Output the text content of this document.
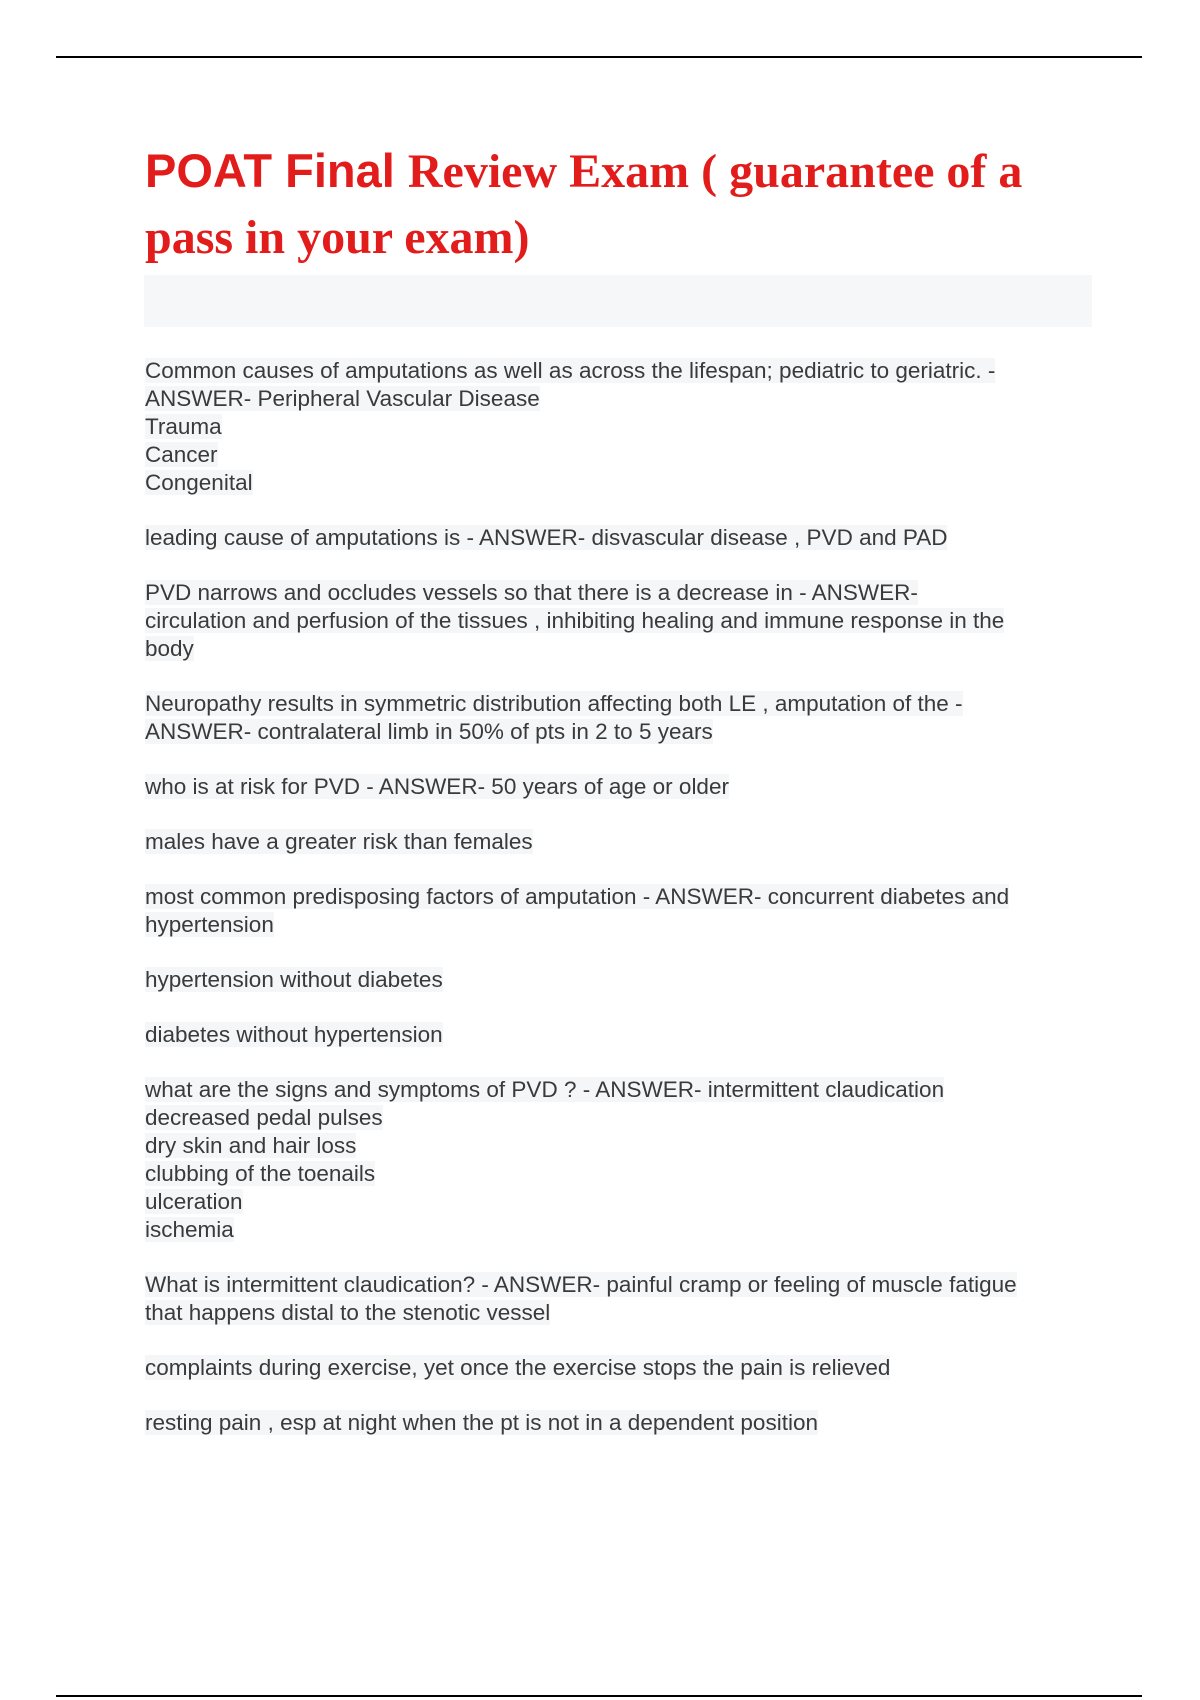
POAT Final Review Exam ( guarantee of a
pass in your exam)

Common causes of amputations as well as across the lifespan; pediatric to geriatric. -
ANSWER- Peripheral Vascular Disease
Trauma
Cancer
Congenital

leading cause of amputations is - ANSWER- disvascular disease , PVD and PAD

PVD narrows and occludes vessels so that there is a decrease in - ANSWER-
circulation and perfusion of the tissues , inhibiting healing and immune response in the
body

Neuropathy results in symmetric distribution affecting both LE , amputation of the -
ANSWER- contralateral limb in 50% of pts in 2 to 5 years

who is at risk for PVD - ANSWER- 50 years of age or older

males have a greater risk than females

most common predisposing factors of amputation - ANSWER- concurrent diabetes and
hypertension

hypertension without diabetes

diabetes without hypertension

what are the signs and symptoms of PVD ? - ANSWER- intermittent claudication
decreased pedal pulses
dry skin and hair loss
clubbing of the toenails
ulceration
ischemia

What is intermittent claudication? - ANSWER- painful cramp or feeling of muscle fatigue
that happens distal to the stenotic vessel

complaints during exercise, yet once the exercise stops the pain is relieved

resting pain , esp at night when the pt is not in a dependent position
